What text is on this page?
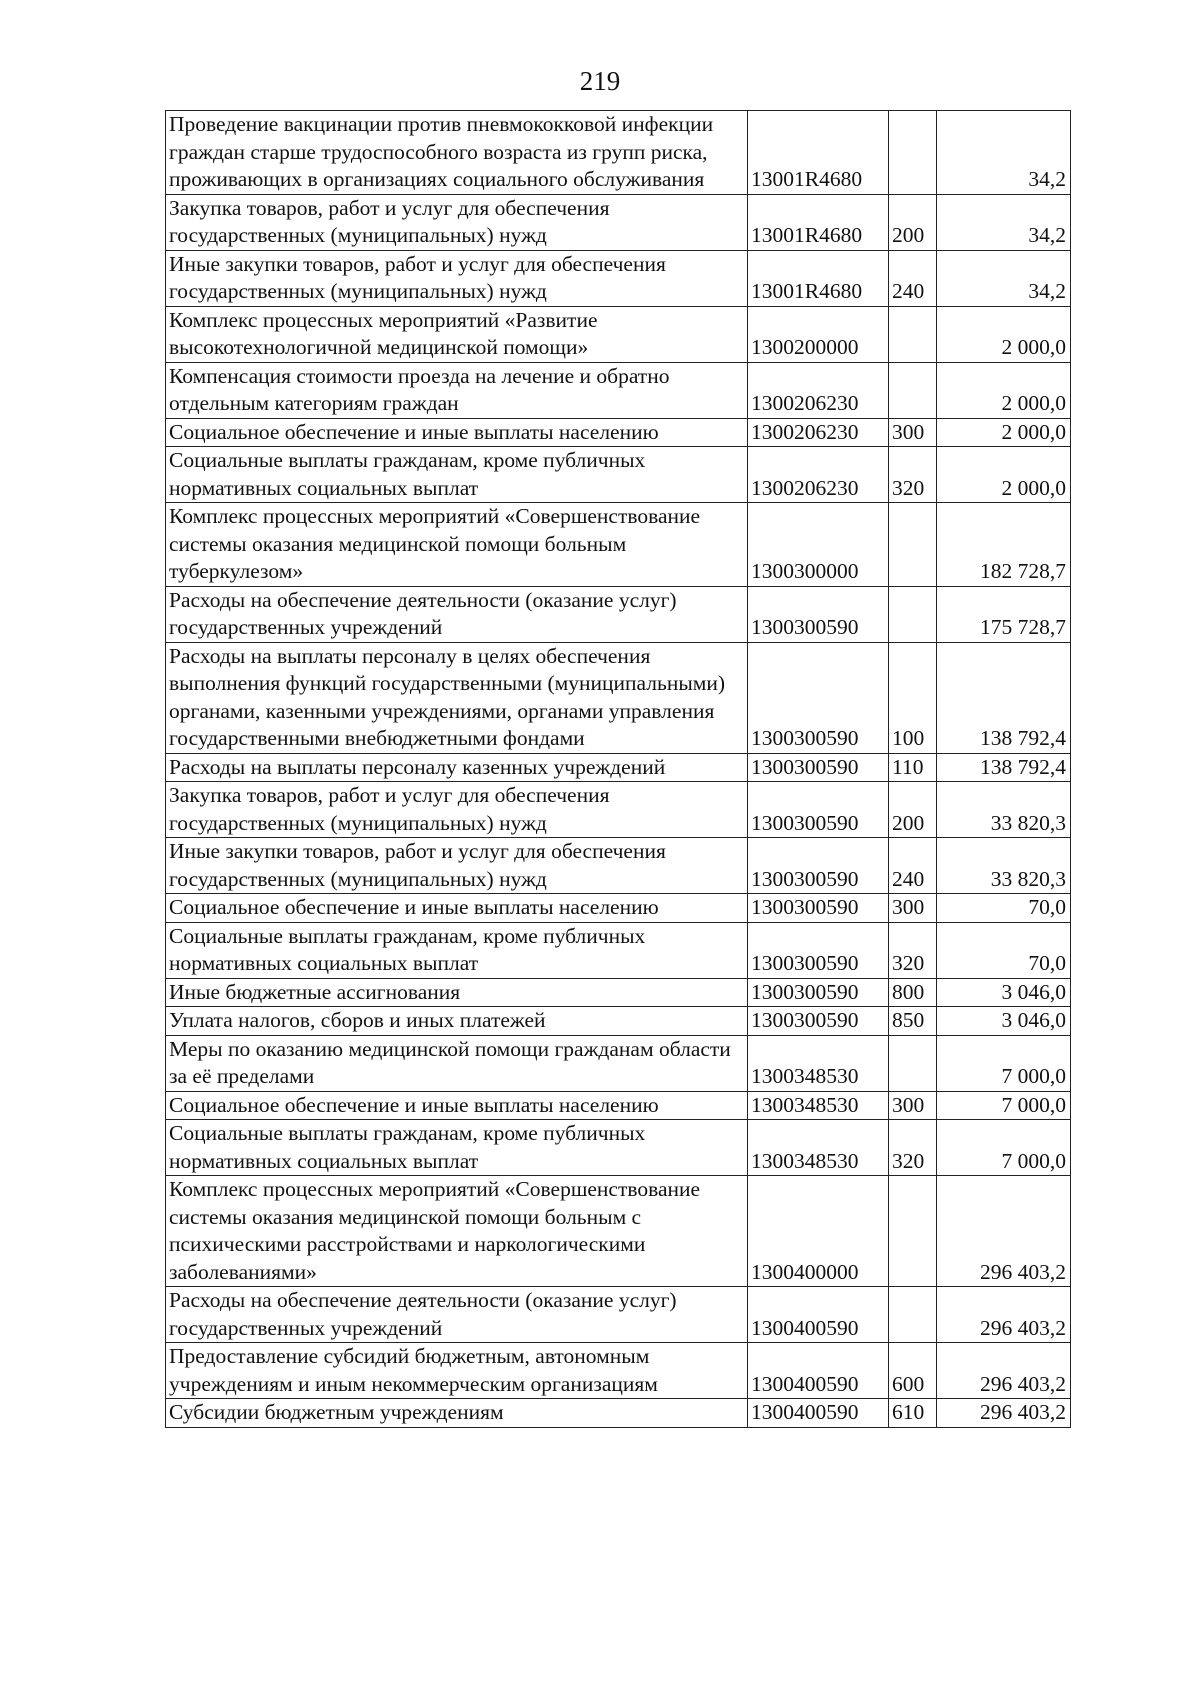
219
Проведение вакцинации против пневмококковой инфекции граждан старше трудоспособного возраста из групп риска, проживающих в организациях социального обслуживания	13001R4680		34,2
Закупка товаров, работ и услуг для обеспечения государственных (муниципальных) нужд	13001R4680	200	34,2
Иные закупки товаров, работ и услуг для обеспечения государственных (муниципальных) нужд	13001R4680	240	34,2
Комплекс процессных мероприятий «Развитие высокотехнологичной медицинской помощи»	1300200000		2 000,0
Компенсация стоимости проезда на лечение и обратно отдельным категориям граждан	1300206230		2 000,0
Социальное обеспечение и иные выплаты населению	1300206230	300	2 000,0
Социальные выплаты гражданам, кроме публичных нормативных социальных выплат	1300206230	320	2 000,0
Комплекс процессных мероприятий «Совершенствование системы оказания медицинской помощи больным туберкулезом»	1300300000		182 728,7
Расходы на обеспечение деятельности (оказание услуг) государственных учреждений	1300300590		175 728,7
Расходы на выплаты персоналу в целях обеспечения выполнения функций государственными (муниципальными) органами, казенными учреждениями, органами управления государственными внебюджетными фондами	1300300590	100	138 792,4
Расходы на выплаты персоналу казенных учреждений	1300300590	110	138 792,4
Закупка товаров, работ и услуг для обеспечения государственных (муниципальных) нужд	1300300590	200	33 820,3
Иные закупки товаров, работ и услуг для обеспечения государственных (муниципальных) нужд	1300300590	240	33 820,3
Социальное обеспечение и иные выплаты населению	1300300590	300	70,0
Социальные выплаты гражданам, кроме публичных нормативных социальных выплат	1300300590	320	70,0
Иные бюджетные ассигнования	1300300590	800	3 046,0
Уплата налогов, сборов и иных платежей	1300300590	850	3 046,0
Меры по оказанию медицинской помощи гражданам области за её пределами	1300348530		7 000,0
Социальное обеспечение и иные выплаты населению	1300348530	300	7 000,0
Социальные выплаты гражданам, кроме публичных нормативных социальных выплат	1300348530	320	7 000,0
Комплекс процессных мероприятий «Совершенствование системы оказания медицинской помощи больным с психическими расстройствами и наркологическими заболеваниями»	1300400000		296 403,2
Расходы на обеспечение деятельности (оказание услуг) государственных учреждений	1300400590		296 403,2
Предоставление субсидий бюджетным, автономным учреждениям и иным некоммерческим организациям	1300400590	600	296 403,2
Субсидии бюджетным учреждениям	1300400590	610	296 403,2
